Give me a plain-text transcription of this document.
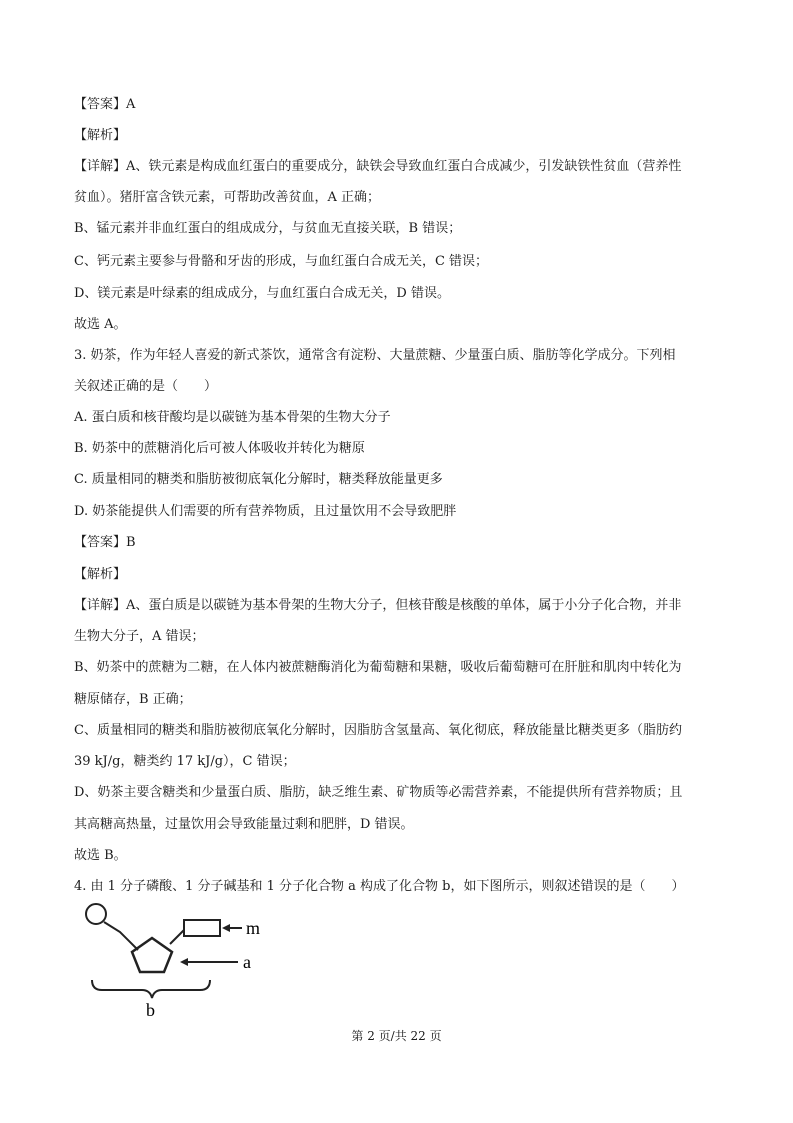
【答案】A
【解析】
【详解】A、铁元素是构成血红蛋白的重要成分，缺铁会导致血红蛋白合成减少，引发缺铁性贫血（营养性
贫血）。猪肝富含铁元素，可帮助改善贫血，A 正确；
B、锰元素并非血红蛋白的组成成分，与贫血无直接关联，B 错误；
C、钙元素主要参与骨骼和牙齿的形成，与血红蛋白合成无关，C 错误；
D、镁元素是叶绿素的组成成分，与血红蛋白合成无关，D 错误。
故选 A。
3. 奶茶，作为年轻人喜爱的新式茶饮，通常含有淀粉、大量蔗糖、少量蛋白质、脂肪等化学成分。下列相
关叙述正确的是（　　）
A. 蛋白质和核苷酸均是以碳链为基本骨架的生物大分子
B. 奶茶中的蔗糖消化后可被人体吸收并转化为糖原
C. 质量相同的糖类和脂肪被彻底氧化分解时，糖类释放能量更多
D. 奶茶能提供人们需要的所有营养物质，且过量饮用不会导致肥胖
【答案】B
【解析】
【详解】A、蛋白质是以碳链为基本骨架的生物大分子，但核苷酸是核酸的单体，属于小分子化合物，并非
生物大分子，A 错误；
B、奶茶中的蔗糖为二糖，在人体内被蔗糖酶消化为葡萄糖和果糖，吸收后葡萄糖可在肝脏和肌肉中转化为
糖原储存，B 正确；
C、质量相同的糖类和脂肪被彻底氧化分解时，因脂肪含氢量高、氧化彻底，释放能量比糖类更多（脂肪约
39 kJ/g，糖类约 17 kJ/g），C 错误；
D、奶茶主要含糖类和少量蛋白质、脂肪，缺乏维生素、矿物质等必需营养素，不能提供所有营养物质；且
其高糖高热量，过量饮用会导致能量过剩和肥胖，D 错误。
故选 B。
4. 由 1 分子磷酸、1 分子碱基和 1 分子化合物 a 构成了化合物 b，如下图所示，则叙述错误的是（　　）
m
a
b
第 2 页/共 22 页
